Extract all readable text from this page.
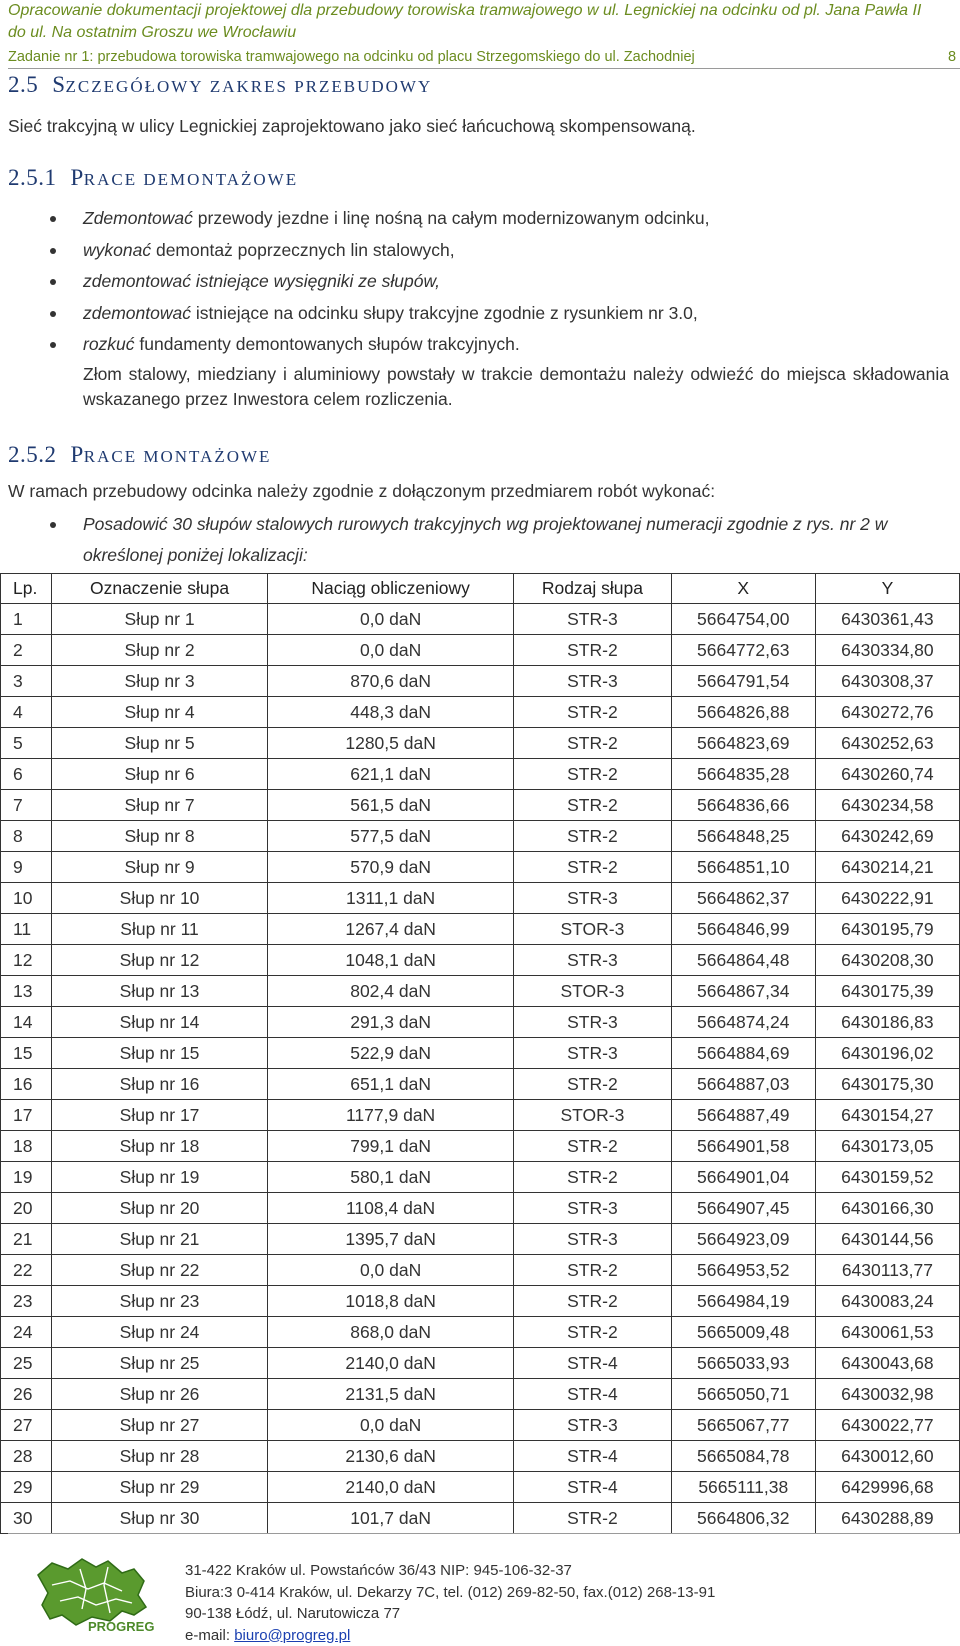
Opracowanie dokumentacji projektowej dla przebudowy torowiska tramwajowego w ul. Legnickiej na odcinku od pl. Jana Pawła II do ul. Na ostatnim Groszu we Wrocławiu
Zadanie nr 1: przebudowa torowiska tramwajowego na odcinku od placu Strzegomskiego do ul. Zachodniej	8
2.5 SZCZEGÓŁOWY ZAKRES PRZEBUDOWY
Sieć trakcyjną w ulicy Legnickiej zaprojektowano jako sieć łańcuchową skompensowaną.
2.5.1 PRACE DEMONTAŻOWE
Zdemontować przewody jezdne i linę nośną na całym modernizowanym odcinku,
wykonać demontaż poprzecznych lin stalowych,
zdemontować istniejące wysięgniki ze słupów,
zdemontować istniejące na odcinku słupy trakcyjne zgodnie z rysunkiem nr 3.0,
rozkuć fundamenty demontowanych słupów trakcyjnych.
Złom stalowy, miedziany i aluminiowy powstały w trakcie demontażu należy odwieźć do miejsca składowania wskazanego przez Inwestora celem rozliczenia.
2.5.2 PRACE MONTAŻOWE
W ramach przebudowy odcinka należy zgodnie z dołączonym przedmiarem robót wykonać:
Posadowić 30 słupów stalowych rurowych trakcyjnych wg projektowanej numeracji zgodnie z rys. nr 2 w określonej poniżej lokalizacji:
Lp.	Oznaczenie słupa	Naciąg obliczeniowy	Rodzaj słupa	X	Y
1	Słup nr 1	0,0 daN	STR-3	5664754,00	6430361,43
2	Słup nr 2	0,0 daN	STR-2	5664772,63	6430334,80
3	Słup nr 3	870,6 daN	STR-3	5664791,54	6430308,37
4	Słup nr 4	448,3 daN	STR-2	5664826,88	6430272,76
5	Słup nr 5	1280,5 daN	STR-2	5664823,69	6430252,63
6	Słup nr 6	621,1 daN	STR-2	5664835,28	6430260,74
7	Słup nr 7	561,5 daN	STR-2	5664836,66	6430234,58
8	Słup nr 8	577,5 daN	STR-2	5664848,25	6430242,69
9	Słup nr 9	570,9 daN	STR-2	5664851,10	6430214,21
10	Słup nr 10	1311,1 daN	STR-3	5664862,37	6430222,91
11	Słup nr 11	1267,4 daN	STOR-3	5664846,99	6430195,79
12	Słup nr 12	1048,1 daN	STR-3	5664864,48	6430208,30
13	Słup nr 13	802,4 daN	STOR-3	5664867,34	6430175,39
14	Słup nr 14	291,3 daN	STR-3	5664874,24	6430186,83
15	Słup nr 15	522,9 daN	STR-3	5664884,69	6430196,02
16	Słup nr 16	651,1 daN	STR-2	5664887,03	6430175,30
17	Słup nr 17	1177,9 daN	STOR-3	5664887,49	6430154,27
18	Słup nr 18	799,1 daN	STR-2	5664901,58	6430173,05
19	Słup nr 19	580,1 daN	STR-2	5664901,04	6430159,52
20	Słup nr 20	1108,4 daN	STR-3	5664907,45	6430166,30
21	Słup nr 21	1395,7 daN	STR-3	5664923,09	6430144,56
22	Słup nr 22	0,0 daN	STR-2	5664953,52	6430113,77
23	Słup nr 23	1018,8 daN	STR-2	5664984,19	6430083,24
24	Słup nr 24	868,0 daN	STR-2	5665009,48	6430061,53
25	Słup nr 25	2140,0 daN	STR-4	5665033,93	6430043,68
26	Słup nr 26	2131,5 daN	STR-4	5665050,71	6430032,98
27	Słup nr 27	0,0 daN	STR-3	5665067,77	6430022,77
28	Słup nr 28	2130,6 daN	STR-4	5665084,78	6430012,60
29	Słup nr 29	2140,0 daN	STR-4	5665111,38	6429996,68
30	Słup nr 30	101,7 daN	STR-2	5664806,32	6430288,89
PROGREG
31-422 Kraków ul. Powstańców 36/43 NIP: 945-106-32-37
Biura:3 0-414 Kraków, ul. Dekarzy 7C, tel. (012) 269-82-50, fax.(012) 268-13-91
90-138 Łódź, ul. Narutowicza 77
e-mail: biuro@progreg.pl
